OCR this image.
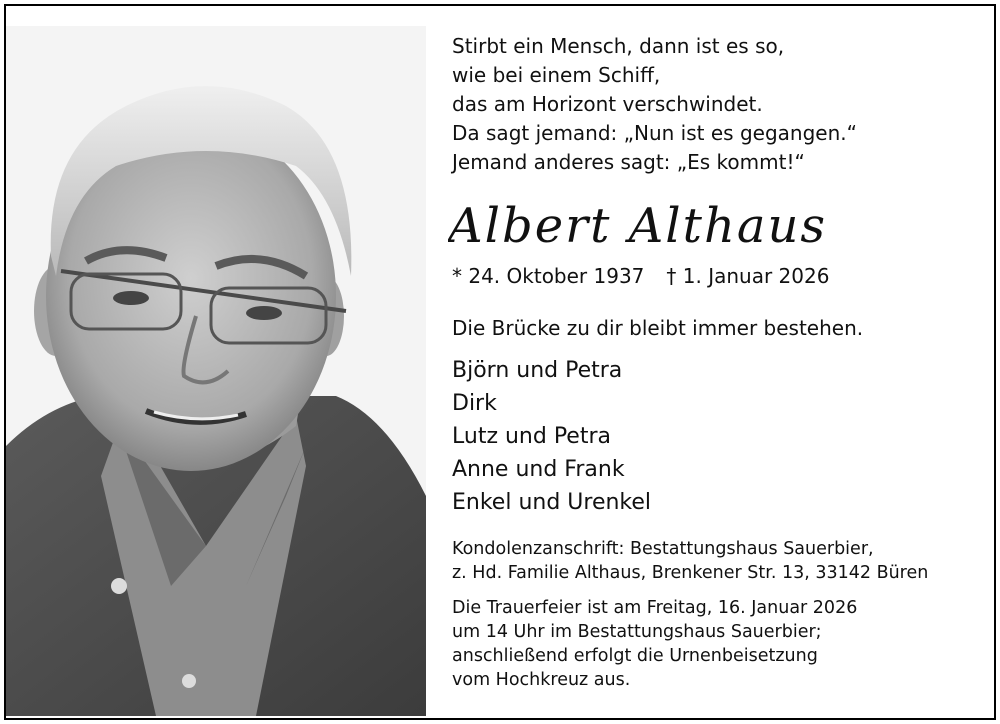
Stirbt ein Mensch, dann ist es so,
wie bei einem Schiff,
das am Horizont verschwindet.
Da sagt jemand: „Nun ist es gegangen.“
Jemand anderes sagt: „Es kommt!“
Albert Althaus
* 24. Oktober 1937 † 1. Januar 2026
Die Brücke zu dir bleibt immer bestehen.
Björn und Petra
Dirk
Lutz und Petra
Anne und Frank
Enkel und Urenkel
Kondolenzanschrift: Bestattungshaus Sauerbier,
z. Hd. Familie Althaus, Brenkener Str. 13, 33142 Büren
Die Trauerfeier ist am Freitag, 16. Januar 2026
um 14 Uhr im Bestattungshaus Sauerbier;
anschließend erfolgt die Urnenbeisetzung
vom Hochkreuz aus.
